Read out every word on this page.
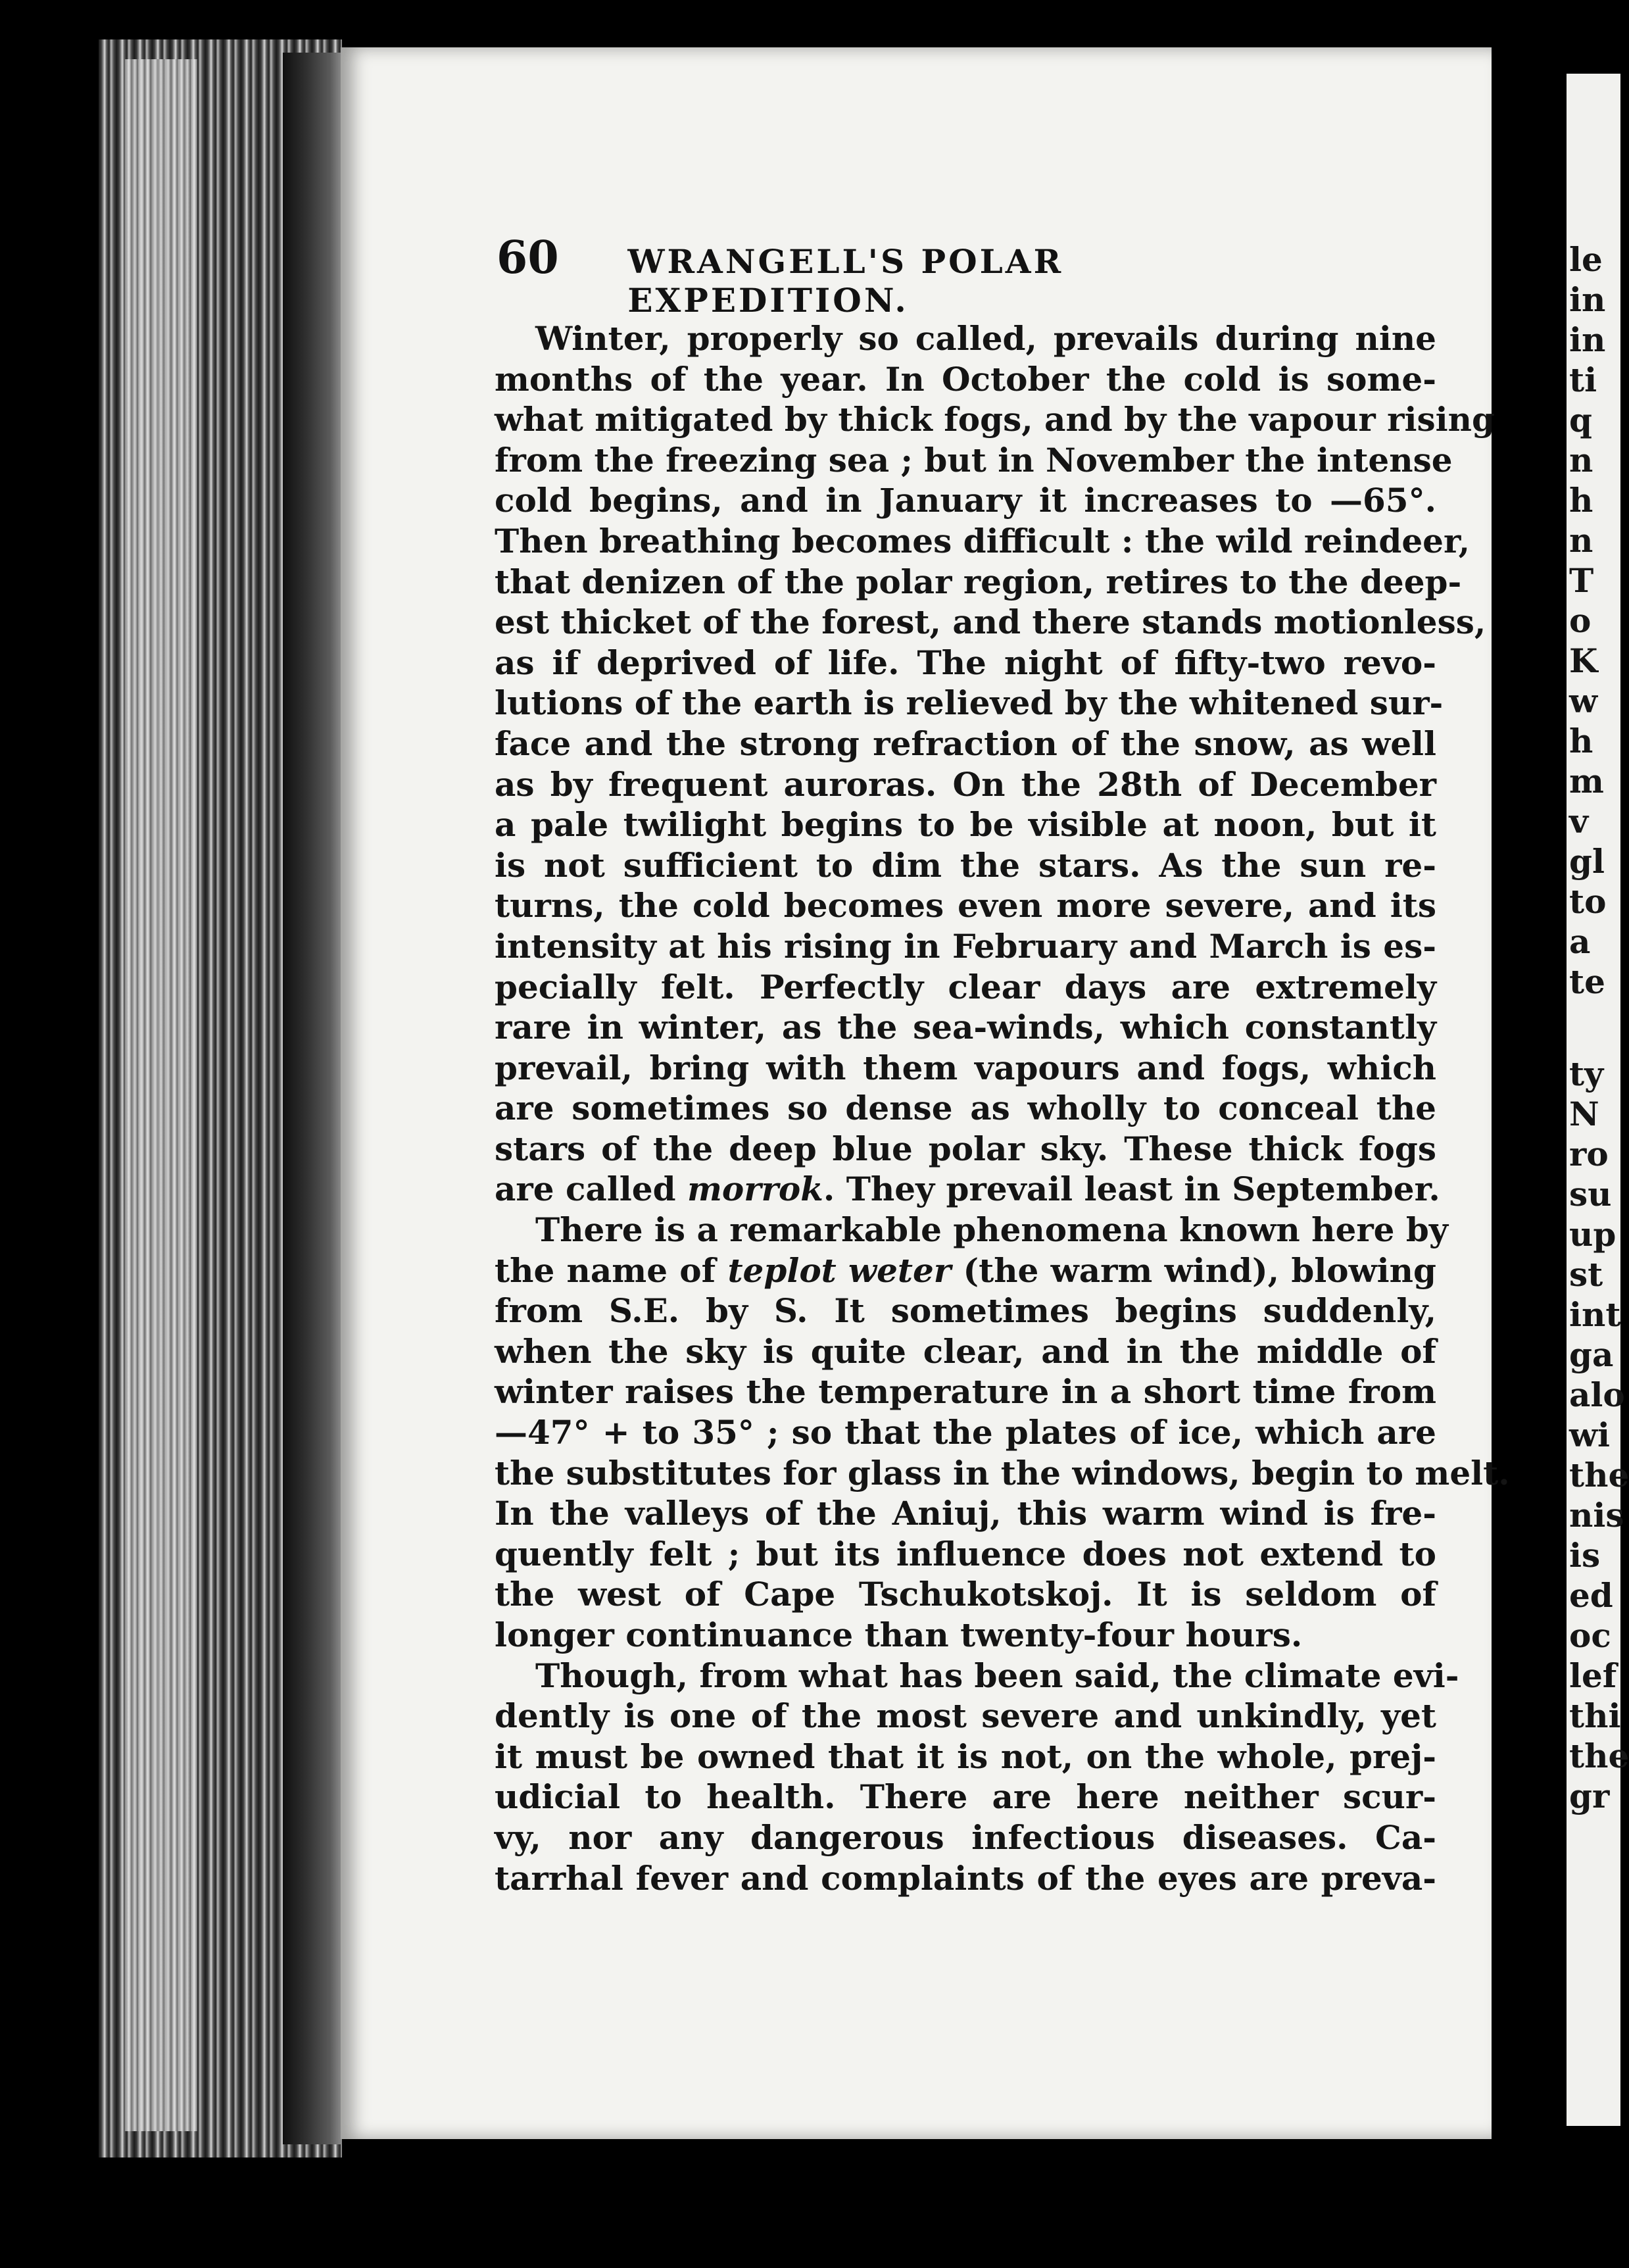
le
in
in
ti
q
n
h
n
T
o
K
w
h
m
v
gl
to
a
te
ty
N
ro
su
up
st
int
ga
alo
wi
the
nis
is
ed
oc
lef
thi
the
gr
60	WRANGELL'S POLAR EXPEDITION.
Winter, properly so called, prevails during nine
months of the year. In October the cold is some-
what mitigated by thick fogs, and by the vapour rising
from the freezing sea ; but in November the intense
cold begins, and in January it increases to —65°.
Then breathing becomes difficult : the wild reindeer,
that denizen of the polar region, retires to the deep-
est thicket of the forest, and there stands motionless,
as if deprived of life. The night of fifty-two revo-
lutions of the earth is relieved by the whitened sur-
face and the strong refraction of the snow, as well
as by frequent auroras. On the 28th of December
a pale twilight begins to be visible at noon, but it
is not sufficient to dim the stars. As the sun re-
turns, the cold becomes even more severe, and its
intensity at his rising in February and March is es-
pecially felt. Perfectly clear days are extremely
rare in winter, as the sea-winds, which constantly
prevail, bring with them vapours and fogs, which
are sometimes so dense as wholly to conceal the
stars of the deep blue polar sky. These thick fogs
are called morrok. They prevail least in September.
There is a remarkable phenomena known here by
the name of teplot weter (the warm wind), blowing
from S.E. by S. It sometimes begins suddenly,
when the sky is quite clear, and in the middle of
winter raises the temperature in a short time from
—47° + to 35° ; so that the plates of ice, which are
the substitutes for glass in the windows, begin to melt.
In the valleys of the Aniuj, this warm wind is fre-
quently felt ; but its influence does not extend to
the west of Cape Tschukotskoj. It is seldom of
longer continuance than twenty-four hours.
Though, from what has been said, the climate evi-
dently is one of the most severe and unkindly, yet
it must be owned that it is not, on the whole, prej-
udicial to health. There are here neither scur-
vy, nor any dangerous infectious diseases. Ca-
tarrhal fever and complaints of the eyes are preva-
